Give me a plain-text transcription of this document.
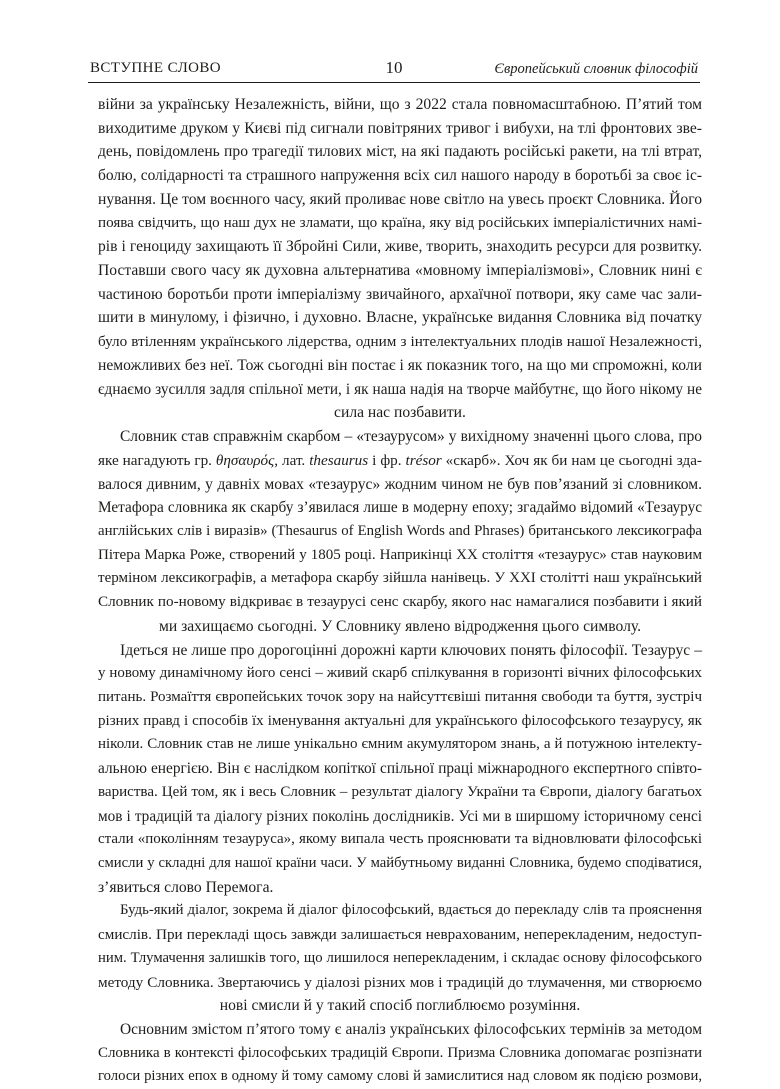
ВСТУПНЕ СЛОВО	10	Європейський словник філософій
війни за українську Незалежність, війни, що з 2022 стала повномасштабною. П’ятий том
виходитиме друком у Києві під сигнали повітряних тривог і вибухи, на тлі фронтових зве-
день, повідомлень про трагедії тилових міст, на які падають російські ракети, на тлі втрат,
болю, солідарності та страшного напруження всіх сил нашого народу в боротьбі за своє іс-
нування. Це том воєнного часу, який проливає нове світло на увесь проєкт Словника. Його
поява свідчить, що наш дух не зламати, що країна, яку від російських імперіалістичних намі-
рів і геноциду захищають її Збройні Сили, живе, творить, знаходить ресурси для розвитку.
Поставши свого часу як духовна альтернатива «мовному імперіалізмові», Словник нині є
частиною боротьби проти імперіалізму звичайного, архаїчної потвори, яку саме час зали-
шити в минулому, і фізично, і духовно. Власне, українське видання Словника від початку
було втіленням українського лідерства, одним з інтелектуальних плодів нашої Незалежності,
неможливих без неї. Тож сьогодні він постає і як показник того, на що ми спроможні, коли
єднаємо зусилля задля спільної мети, і як наша надія на творче майбутнє, що його нікому не
сила нас позбавити.
Словник став справжнім скарбом – «тезаурусом» у вихідному значенні цього слова, про
яке нагадують гр. θησαυρός, лат. thesaurus і фр. trésor «скарб». Хоч як би нам це сьогодні зда-
валося дивним, у давніх мовах «тезаурус» жодним чином не був пов’язаний зі словником.
Метафора словника як скарбу з’явилася лише в модерну епоху; згадаймо відомий «Тезаурус
англійських слів і виразів» (Thesaurus of English Words and Phrases) британського лексикографа
Пітера Марка Роже, створений у 1805 році. Наприкінці ХХ століття «тезаурус» став науковим
терміном лексикографів, а метафора скарбу зійшла нанівець. У ХХІ столітті наш український
Словник по-новому відкриває в тезаурусі сенс скарбу, якого нас намагалися позбавити і який
ми захищаємо сьогодні. У Словнику явлено відродження цього символу.
Ідеться не лише про дорогоцінні дорожні карти ключових понять філософії. Тезаурус –
у новому динамічному його сенсі – живий скарб спілкування в горизонті вічних філософських
питань. Розмаїття європейських точок зору на найсуттєвіші питання свободи та буття, зустріч
різних правд і способів їх іменування актуальні для українського філософського тезаурусу, як
ніколи. Словник став не лише унікально ємним акумулятором знань, а й потужною інтелекту-
альною енергією. Він є наслідком копіткої спільної праці міжнародного експертного співто-
вариства. Цей том, як і весь Словник – результат діалогу України та Європи, діалогу багатьох
мов і традицій та діалогу різних поколінь дослідників. Усі ми в ширшому історичному сенсі
стали «поколінням тезауруса», якому випала честь прояснювати та відновлювати філософські
смисли у складні для нашої країни часи. У майбутньому виданні Словника, будемо сподіватися,
з’явиться слово Перемога.
Будь-який діалог, зокрема й діалог філософський, вдається до перекладу слів та прояснення
смислів. При перекладі щось завжди залишається неврахованим, неперекладеним, недоступ-
ним. Тлумачення залишків того, що лишилося неперекладеним, і складає основу філософського
методу Словника. Звертаючись у діалозі різних мов і традицій до тлумачення, ми створюємо
нові смисли й у такий спосіб поглиблюємо розуміння.
Основним змістом п’ятого тому є аналіз українських філософських термінів за методом
Словника в контексті філософських традицій Європи. Призма Словника допомагає розпізнати
голоси різних епох в одному й тому самому слові й замислитися над словом як подією розмови,
